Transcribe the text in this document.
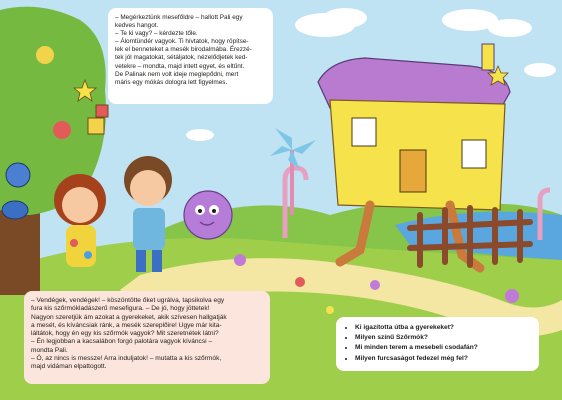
– Megérkeztünk mesefőldre – hallott Pali egy

kedves hangot.

– Te ki vagy? – kérdezte tőle.

– Álomtündér vagyok. Ti hívtatok, hogy röpítse-

lek el benneteket a mesék birodalmába. Érezzé-

tek jól magatokat, sétáljatok, nézelődjetek ked-

vetekre – mondta, majd intett egyet, és eltűnt.

De Palinak nem volt ideje meglepődni, mert

máris egy mókás dologra lett figyelmes.

– Vendégek, vendégek! – köszöntötte őket ugrálva, tapsikolva egy

fura kis szőrmókladászerű mesefigura. – De jó, hogy jöttetek!

Nagyon szeretjük ám azokat a gyerekeket, akik szívesen hallgatják

a mesét, és kíváncsiak ránk, a mesék szereplőire! Ugye már kita-

láltátok, hogy én egy kis szőrmók vagyok? Mit szeretnétek látni?

– Én legjobban a kacsalábon forgó palotára vagyok kíváncsi –

mondta Pali.

– Ó, az nincs is messze! Arra induljatok! – mutatta a kis szőrmók,

majd vidáman elpattogott.

• Ki igazította útba a gyerekeket?
• Milyen színű Szőrmók?
• Mi minden terem a mesebeli csodafán?
• Milyen furcsaságot fedezel még fel?
